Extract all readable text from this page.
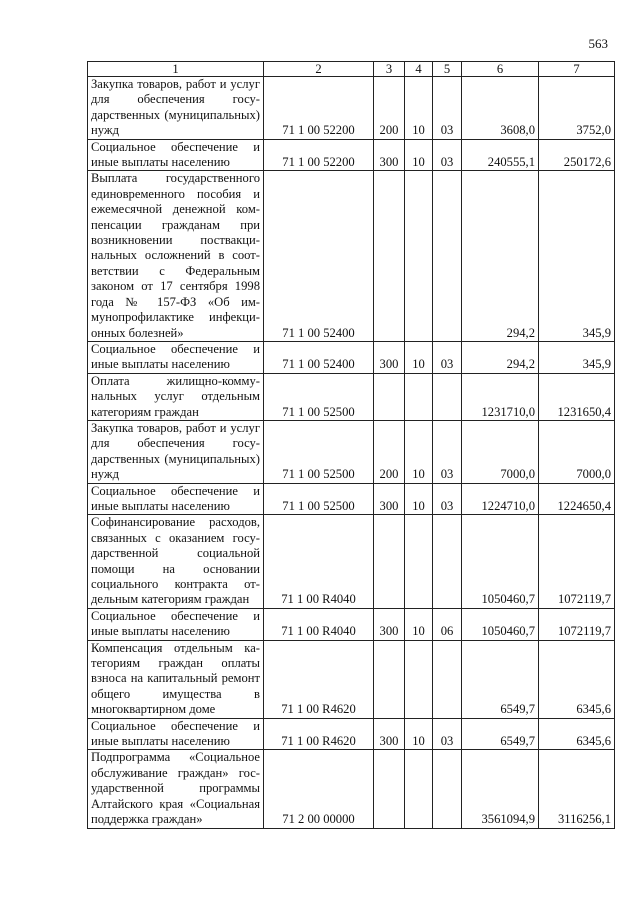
563
1	2	3	4	5	6	7
Закупка товаров, работ и услуг для обеспечения государственных (муниципальных) нужд	71 1 00 52200	200	10	03	3608,0	3752,0
Социальное обеспечение и иные выплаты населению	71 1 00 52200	300	10	03	240555,1	250172,6
Выплата государственного единовременного пособия и ежемесячной денежной компенсации гражданам при возникновении поствакцинальных осложнений в соответствии с Федеральным законом от 17 сентября 1998 года № 157-ФЗ «Об иммунопрофилактике инфекционных болезней»	71 1 00 52400				294,2	345,9
Социальное обеспечение и иные выплаты населению	71 1 00 52400	300	10	03	294,2	345,9
Оплата жилищно-коммунальных услуг отдельным категориям граждан	71 1 00 52500				1231710,0	1231650,4
Закупка товаров, работ и услуг для обеспечения государственных (муниципальных) нужд	71 1 00 52500	200	10	03	7000,0	7000,0
Социальное обеспечение и иные выплаты населению	71 1 00 52500	300	10	03	1224710,0	1224650,4
Софинансирование расходов, связанных с оказанием государственной социальной помощи на основании социального контракта отдельным категориям граждан	71 1 00 R4040				1050460,7	1072119,7
Социальное обеспечение и иные выплаты населению	71 1 00 R4040	300	10	06	1050460,7	1072119,7
Компенсация отдельным категориям граждан оплаты взноса на капитальный ремонт общего имущества в многоквартирном доме	71 1 00 R4620				6549,7	6345,6
Социальное обеспечение и иные выплаты населению	71 1 00 R4620	300	10	03	6549,7	6345,6
Подпрограмма «Социальное обслуживание граждан» государственной программы Алтайского края «Социальная поддержка граждан»	71 2 00 00000				3561094,9	3116256,1
